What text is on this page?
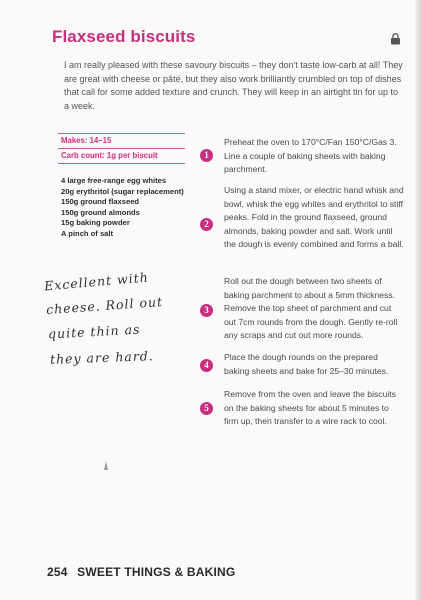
Flaxseed biscuits
I am really pleased with these savoury biscuits – they don't taste low-carb at all! They are great with cheese or pâté, but they also work brilliantly crumbled on top of dishes that call for some added texture and crunch. They will keep in an airtight tin for up to a week.
Makes: 14–15
Carb count: 1g per biscuit
4 large free-range egg whites
20g erythritol (sugar replacement)
150g ground flaxseed
150g ground almonds
15g baking powder
A pinch of salt
Excellent with
cheese. Roll out
quite thin as
they are hard.
1
Preheat the oven to 170°C/Fan 150°C/Gas 3. Line a couple of baking sheets with baking parchment.
2
Using a stand mixer, or electric hand whisk and bowl, whisk the egg whites and erythritol to stiff peaks. Fold in the ground flaxseed, ground almonds, baking powder and salt. Work until the dough is evenly combined and forms a ball.
3
Roll out the dough between two sheets of baking parchment to about a 5mm thickness. Remove the top sheet of parchment and cut out 7cm rounds from the dough. Gently re-roll any scraps and cut out more rounds.
4
Place the dough rounds on the prepared baking sheets and bake for 25–30 minutes.
5
Remove from the oven and leave the biscuits on the baking sheets for about 5 minutes to firm up, then transfer to a wire rack to cool.
254 SWEET THINGS & BAKING
